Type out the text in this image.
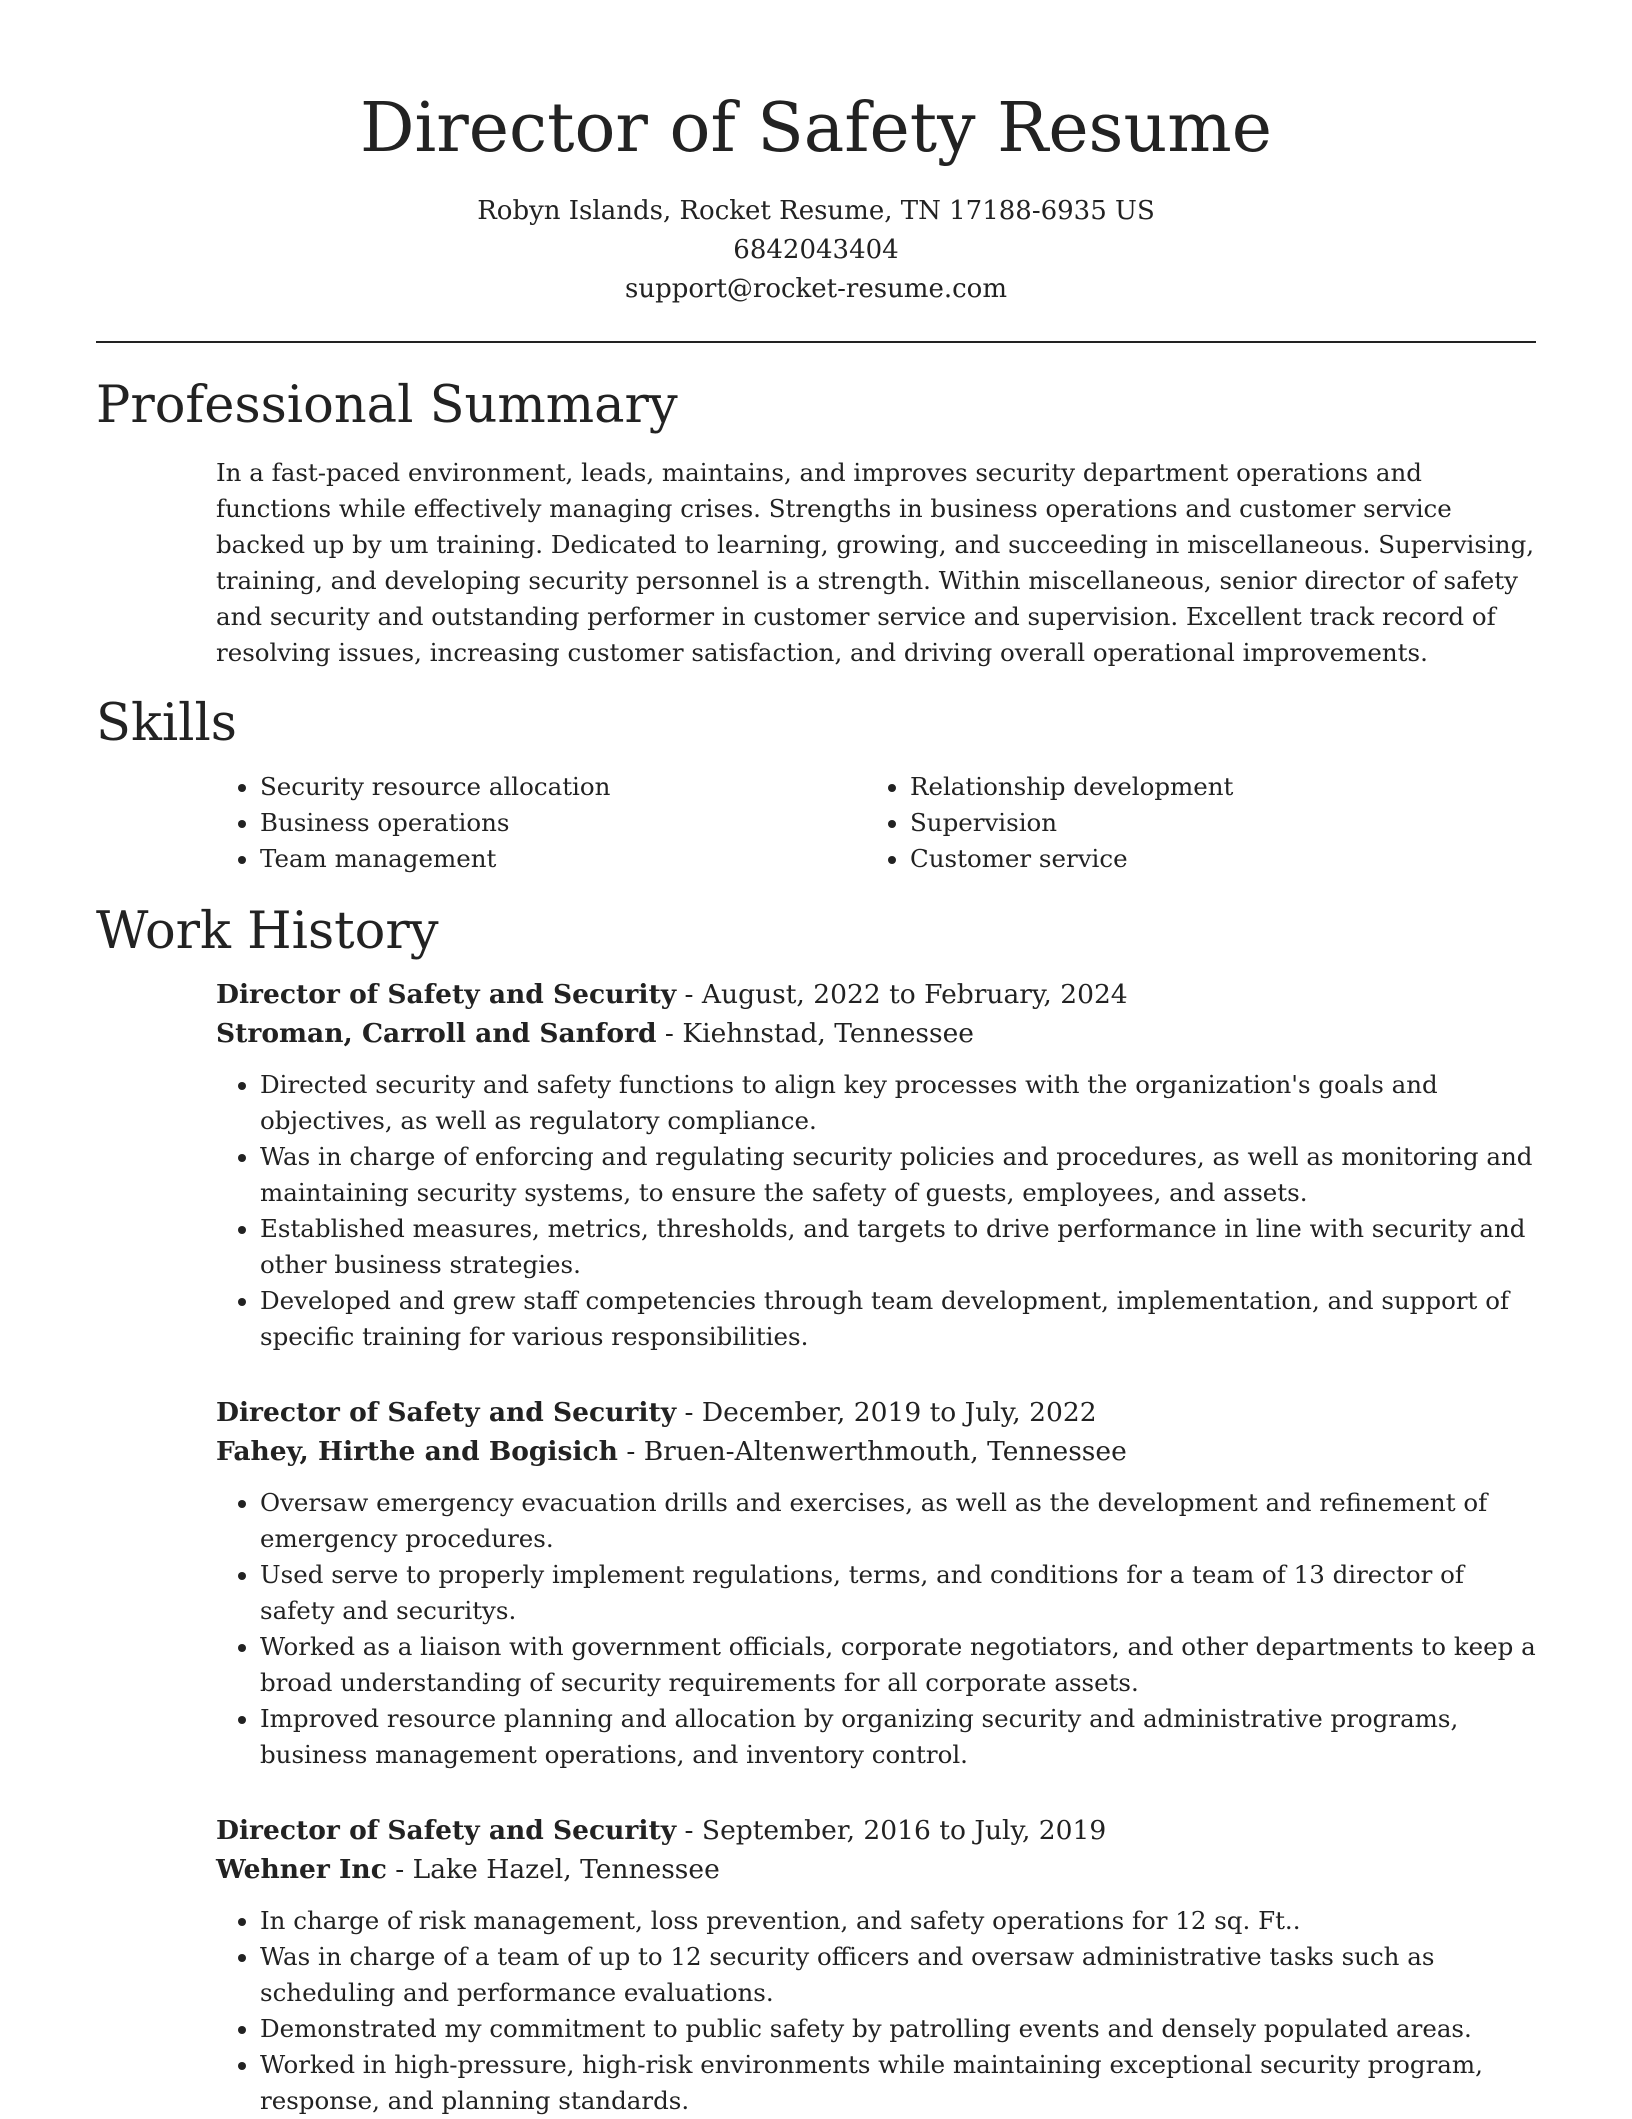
Director of Safety Resume
Robyn Islands, Rocket Resume, TN 17188-6935 US
6842043404
support@rocket-resume.com
Professional Summary
In a fast-paced environment, leads, maintains, and improves security department operations and functions while effectively managing crises. Strengths in business operations and customer service backed up by um training. Dedicated to learning, growing, and succeeding in miscellaneous. Supervising, training, and developing security personnel is a strength. Within miscellaneous, senior director of safety and security and outstanding performer in customer service and supervision. Excellent track record of resolving issues, increasing customer satisfaction, and driving overall operational improvements.
Skills
• Security resource allocation
• Business operations
• Team management
• Relationship development
• Supervision
• Customer service
Work History
Director of Safety and Security - August, 2022 to February, 2024
Stroman, Carroll and Sanford - Kiehnstad, Tennessee
• Directed security and safety functions to align key processes with the organization's goals and objectives, as well as regulatory compliance.
• Was in charge of enforcing and regulating security policies and procedures, as well as monitoring and maintaining security systems, to ensure the safety of guests, employees, and assets.
• Established measures, metrics, thresholds, and targets to drive performance in line with security and other business strategies.
• Developed and grew staff competencies through team development, implementation, and support of specific training for various responsibilities.
Director of Safety and Security - December, 2019 to July, 2022
Fahey, Hirthe and Bogisich - Bruen-Altenwerthmouth, Tennessee
• Oversaw emergency evacuation drills and exercises, as well as the development and refinement of emergency procedures.
• Used serve to properly implement regulations, terms, and conditions for a team of 13 director of safety and securitys.
• Worked as a liaison with government officials, corporate negotiators, and other departments to keep a broad understanding of security requirements for all corporate assets.
• Improved resource planning and allocation by organizing security and administrative programs, business management operations, and inventory control.
Director of Safety and Security - September, 2016 to July, 2019
Wehner Inc - Lake Hazel, Tennessee
• In charge of risk management, loss prevention, and safety operations for 12 sq. Ft..
• Was in charge of a team of up to 12 security officers and oversaw administrative tasks such as scheduling and performance evaluations.
• Demonstrated my commitment to public safety by patrolling events and densely populated areas.
• Worked in high-pressure, high-risk environments while maintaining exceptional security program, response, and planning standards.
